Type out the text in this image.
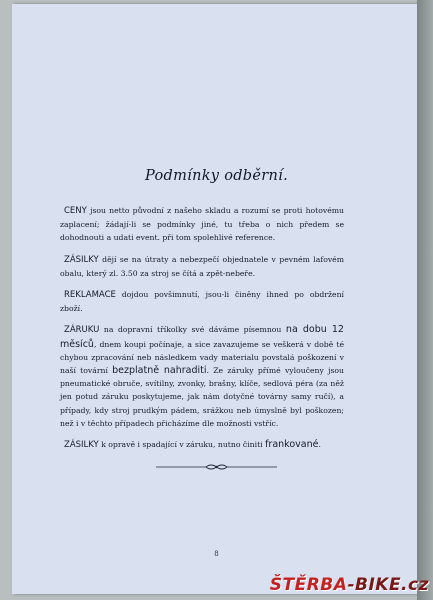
Podmínky odběrní.

CENY jsou netto původní z našeho skladu a rozumí se proti hotovému zaplacení; žádají-li se podmínky jiné, tu třeba o nich předem se dohodnouti a udati event. při tom spolehlivé reference.

ZÁSILKY dějí se na útraty a nebezpečí objednatele v pevném lafovém obalu, který zl. 3.50 za stroj se čítá a zpět-nebeře.

REKLAMACE dojdou povšimnutí, jsou-li činěny ihned po obdržení zboží.

ZÁRUKU na dopravní tříkolky své dáváme písemnou na dobu 12 měsíců, dnem koupi počínaje, a sice zavazujeme se veškerá v době té chybou zpracování neb následkem vady materialu povstalá poškození v naší tovární bezplatně nahraditi. Ze záruky přímé vyloučeny jsou pneumatické obruče, svítilny, zvonky, brašny, klíče, sedlová péra (za něž jen potud záruku poskytujeme, jak nám dotyčné továrny samy ručí), a případy, kdy stroj prudkým pádem, srážkou neb úmyslně byl poškozen; než i v těchto případech přicházíme dle možnosti vstříc.

ZÁSILKY k opravě i spadající v záruku, nutno činiti frankované.

8
ŠTĚRBA-BIKE.cz
